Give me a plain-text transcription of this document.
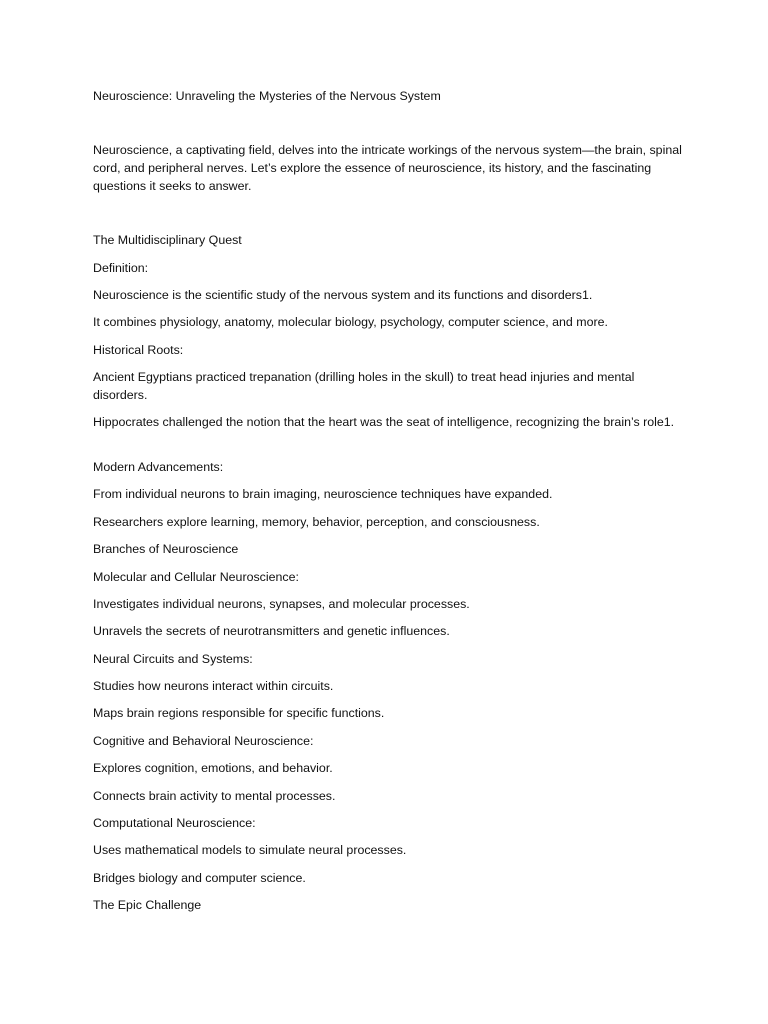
Neuroscience: Unraveling the Mysteries of the Nervous System

Neuroscience, a captivating field, delves into the intricate workings of the nervous system—the brain, spinal cord, and peripheral nerves. Let’s explore the essence of neuroscience, its history, and the fascinating questions it seeks to answer.

The Multidisciplinary Quest

Definition:

Neuroscience is the scientific study of the nervous system and its functions and disorders1.

It combines physiology, anatomy, molecular biology, psychology, computer science, and more.

Historical Roots:

Ancient Egyptians practiced trepanation (drilling holes in the skull) to treat head injuries and mental disorders.

Hippocrates challenged the notion that the heart was the seat of intelligence, recognizing the brain’s role1.

Modern Advancements:

From individual neurons to brain imaging, neuroscience techniques have expanded.

Researchers explore learning, memory, behavior, perception, and consciousness.

Branches of Neuroscience

Molecular and Cellular Neuroscience:

Investigates individual neurons, synapses, and molecular processes.

Unravels the secrets of neurotransmitters and genetic influences.

Neural Circuits and Systems:

Studies how neurons interact within circuits.

Maps brain regions responsible for specific functions.

Cognitive and Behavioral Neuroscience:

Explores cognition, emotions, and behavior.

Connects brain activity to mental processes.

Computational Neuroscience:

Uses mathematical models to simulate neural processes.

Bridges biology and computer science.

The Epic Challenge
